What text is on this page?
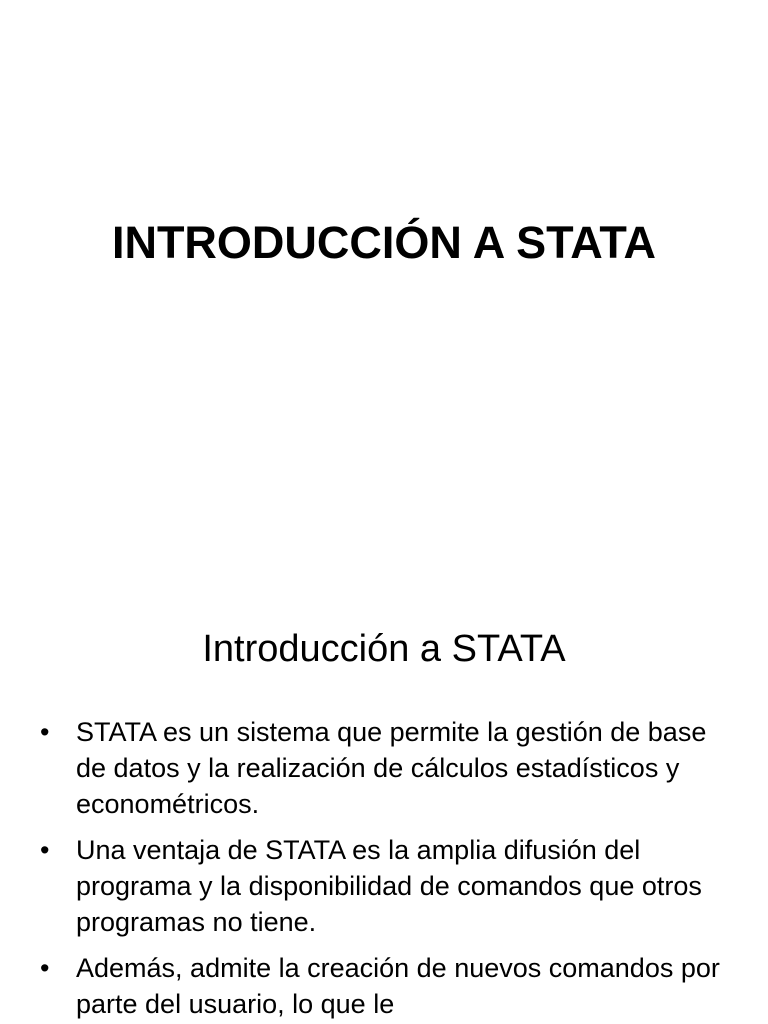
INTRODUCCIÓN A STATA
Introducción a STATA
• STATA es un sistema que permite la gestión de base de datos y la realización de cálculos estadísticos y econométricos.
• Una ventaja de STATA es la amplia difusión del programa y la disponibilidad de comandos que otros programas no tiene.
• Además, admite la creación de nuevos comandos por parte del usuario, lo que le
